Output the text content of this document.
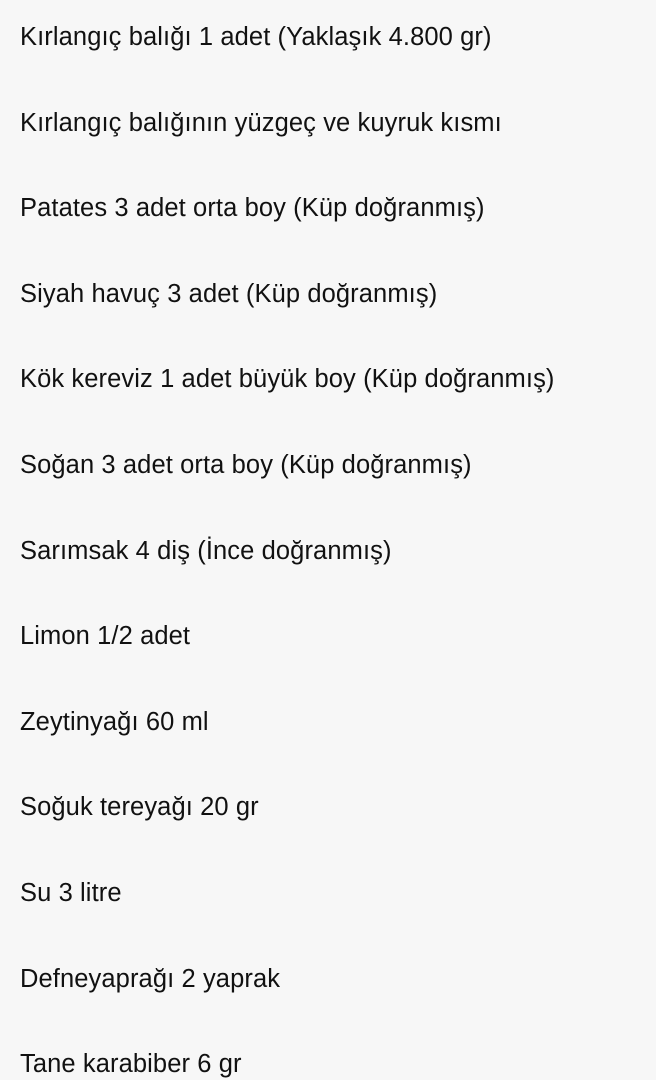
Kırlangıç balığı 1 adet (Yaklaşık 4.800 gr)
Kırlangıç balığının yüzgeç ve kuyruk kısmı
Patates 3 adet orta boy (Küp doğranmış)
Siyah havuç 3 adet (Küp doğranmış)
Kök kereviz 1 adet büyük boy (Küp doğranmış)
Soğan 3 adet orta boy (Küp doğranmış)
Sarımsak 4 diş (İnce doğranmış)
Limon 1/2 adet
Zeytinyağı 60 ml
Soğuk tereyağı 20 gr
Su 3 litre
Defneyaprağı 2 yaprak
Tane karabiber 6 gr
